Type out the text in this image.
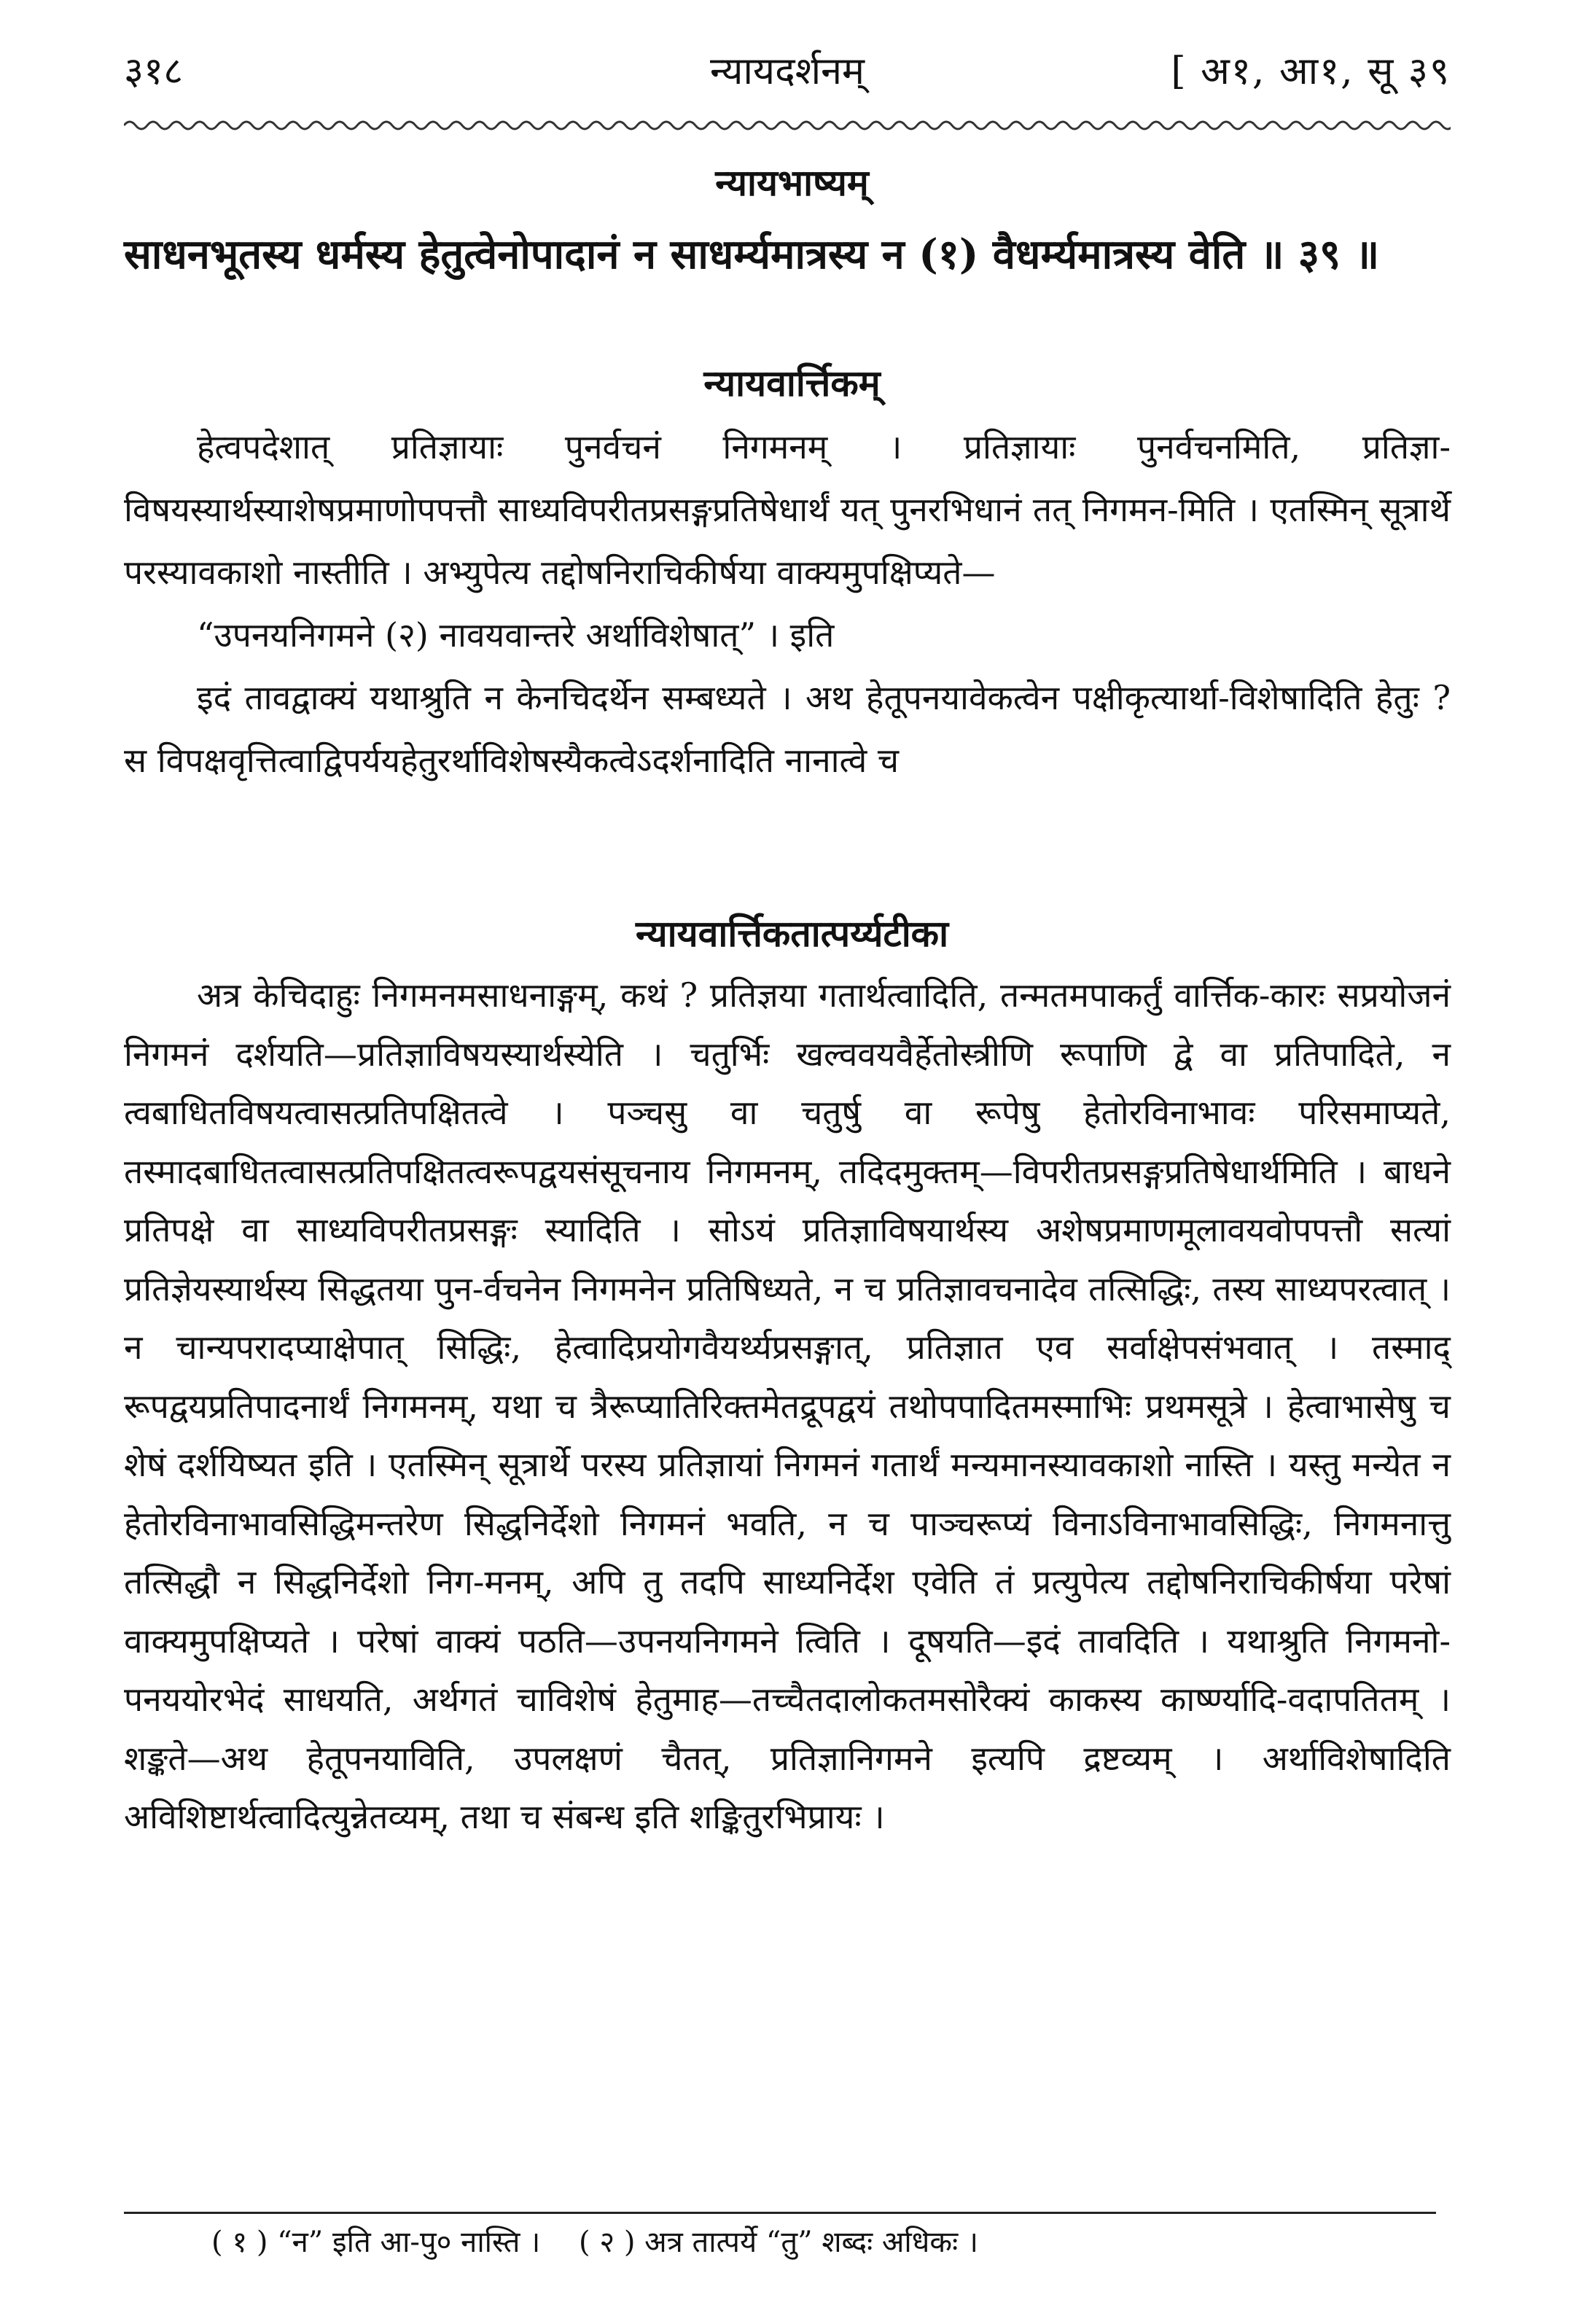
न्यायदर्शनम्
३१८	[ अ१, आ१, सू ३९
न्यायभाष्यम्

साधनभूतस्य धर्मस्य हेतुत्वेनोपादानं न साधर्म्यमात्रस्य न (१) वैधर्म्यमात्रस्य वेति ॥ ३९ ॥

न्यायवार्त्तिकम्

हेत्वपदेशात् प्रतिज्ञायाः पुनर्वचनं निगमनम् । प्रतिज्ञायाः पुनर्वचनमिति, प्रतिज्ञा-विषयस्यार्थस्याशेषप्रमाणोपपत्तौ साध्यविपरीतप्रसङ्गप्रतिषेधार्थं यत् पुनरभिधानं तत् निगमन-मिति । एतस्मिन् सूत्रार्थे परस्यावकाशो नास्तीति । अभ्युपेत्य तद्दोषनिराचिकीर्षया वाक्यमुपक्षिप्यते—

“उपनयनिगमने (२) नावयवान्तरे अर्थाविशेषात्” । इति

इदं तावद्वाक्यं यथाश्रुति न केनचिदर्थेन सम्बध्यते । अथ हेतूपनयावेकत्वेन पक्षीकृत्यार्था-विशेषादिति हेतुः ? स विपक्षवृत्तित्वाद्विपर्ययहेतुरर्थाविशेषस्यैकत्वेऽदर्शनादिति नानात्वे च

न्यायवार्त्तिकतात्पर्य्यटीका

अत्र केचिदाहुः निगमनमसाधनाङ्गम्, कथं ? प्रतिज्ञया गतार्थत्वादिति, तन्मतमपाकर्तुं वार्त्तिक-कारः सप्रयोजनं निगमनं दर्शयति—प्रतिज्ञाविषयस्यार्थस्येति । चतुर्भिः खल्ववयवैर्हेतोस्त्रीणि रूपाणि द्वे वा प्रतिपादिते, न त्वबाधितविषयत्वासत्प्रतिपक्षितत्वे । पञ्चसु वा चतुर्षु वा रूपेषु हेतोरविनाभावः परिसमाप्यते, तस्मादबाधितत्वासत्प्रतिपक्षितत्वरूपद्वयसंसूचनाय निगमनम्, तदिदमुक्तम्—विपरीतप्रसङ्गप्रतिषेधार्थमिति । बाधने प्रतिपक्षे वा साध्यविपरीतप्रसङ्गः स्यादिति । सोऽयं प्रतिज्ञाविषयार्थस्य अशेषप्रमाणमूलावयवोपपत्तौ सत्यां प्रतिज्ञेयस्यार्थस्य सिद्धतया पुन-र्वचनेन निगमनेन प्रतिषिध्यते, न च प्रतिज्ञावचनादेव तत्सिद्धिः, तस्य साध्यपरत्वात् । न चान्यपरादप्याक्षेपात् सिद्धिः, हेत्वादिप्रयोगवैयर्थ्यप्रसङ्गात्, प्रतिज्ञात एव सर्वाक्षेपसंभवात् । तस्माद् रूपद्वयप्रतिपादनार्थं निगमनम्, यथा च त्रैरूप्यातिरिक्तमेतद्रूपद्वयं तथोपपादितमस्माभिः प्रथमसूत्रे । हेत्वाभासेषु च शेषं दर्शयिष्यत इति । एतस्मिन् सूत्रार्थे परस्य प्रतिज्ञायां निगमनं गतार्थं मन्यमानस्यावकाशो नास्ति । यस्तु मन्येत न हेतोरविनाभावसिद्धिमन्तरेण सिद्धनिर्देशो निगमनं भवति, न च पाञ्चरूप्यं विनाऽविनाभावसिद्धिः, निगमनात्तु तत्सिद्धौ न सिद्धनिर्देशो निग-मनम्, अपि तु तदपि साध्यनिर्देश एवेति तं प्रत्युपेत्य तद्दोषनिराचिकीर्षया परेषां वाक्यमुपक्षिप्यते । परेषां वाक्यं पठति—उपनयनिगमने त्विति । दूषयति—इदं तावदिति । यथाश्रुति निगमनो-पनययोरभेदं साधयति, अर्थगतं चाविशेषं हेतुमाह—तच्चैतदालोकतमसोरैक्यं काकस्य कार्ष्ण्यादि-वदापतितम् । शङ्कते—अथ हेतूपनयाविति, उपलक्षणं चैतत्, प्रतिज्ञानिगमने इत्यपि द्रष्टव्यम् । अर्थाविशेषादिति अविशिष्टार्थत्वादित्युन्नेतव्यम्, तथा च संबन्ध इति शङ्कितुरभिप्रायः ।

( १ ) “न” इति आ-पु० नास्ति । ( २ ) अत्र तात्पर्ये “तु” शब्दः अधिकः ।
